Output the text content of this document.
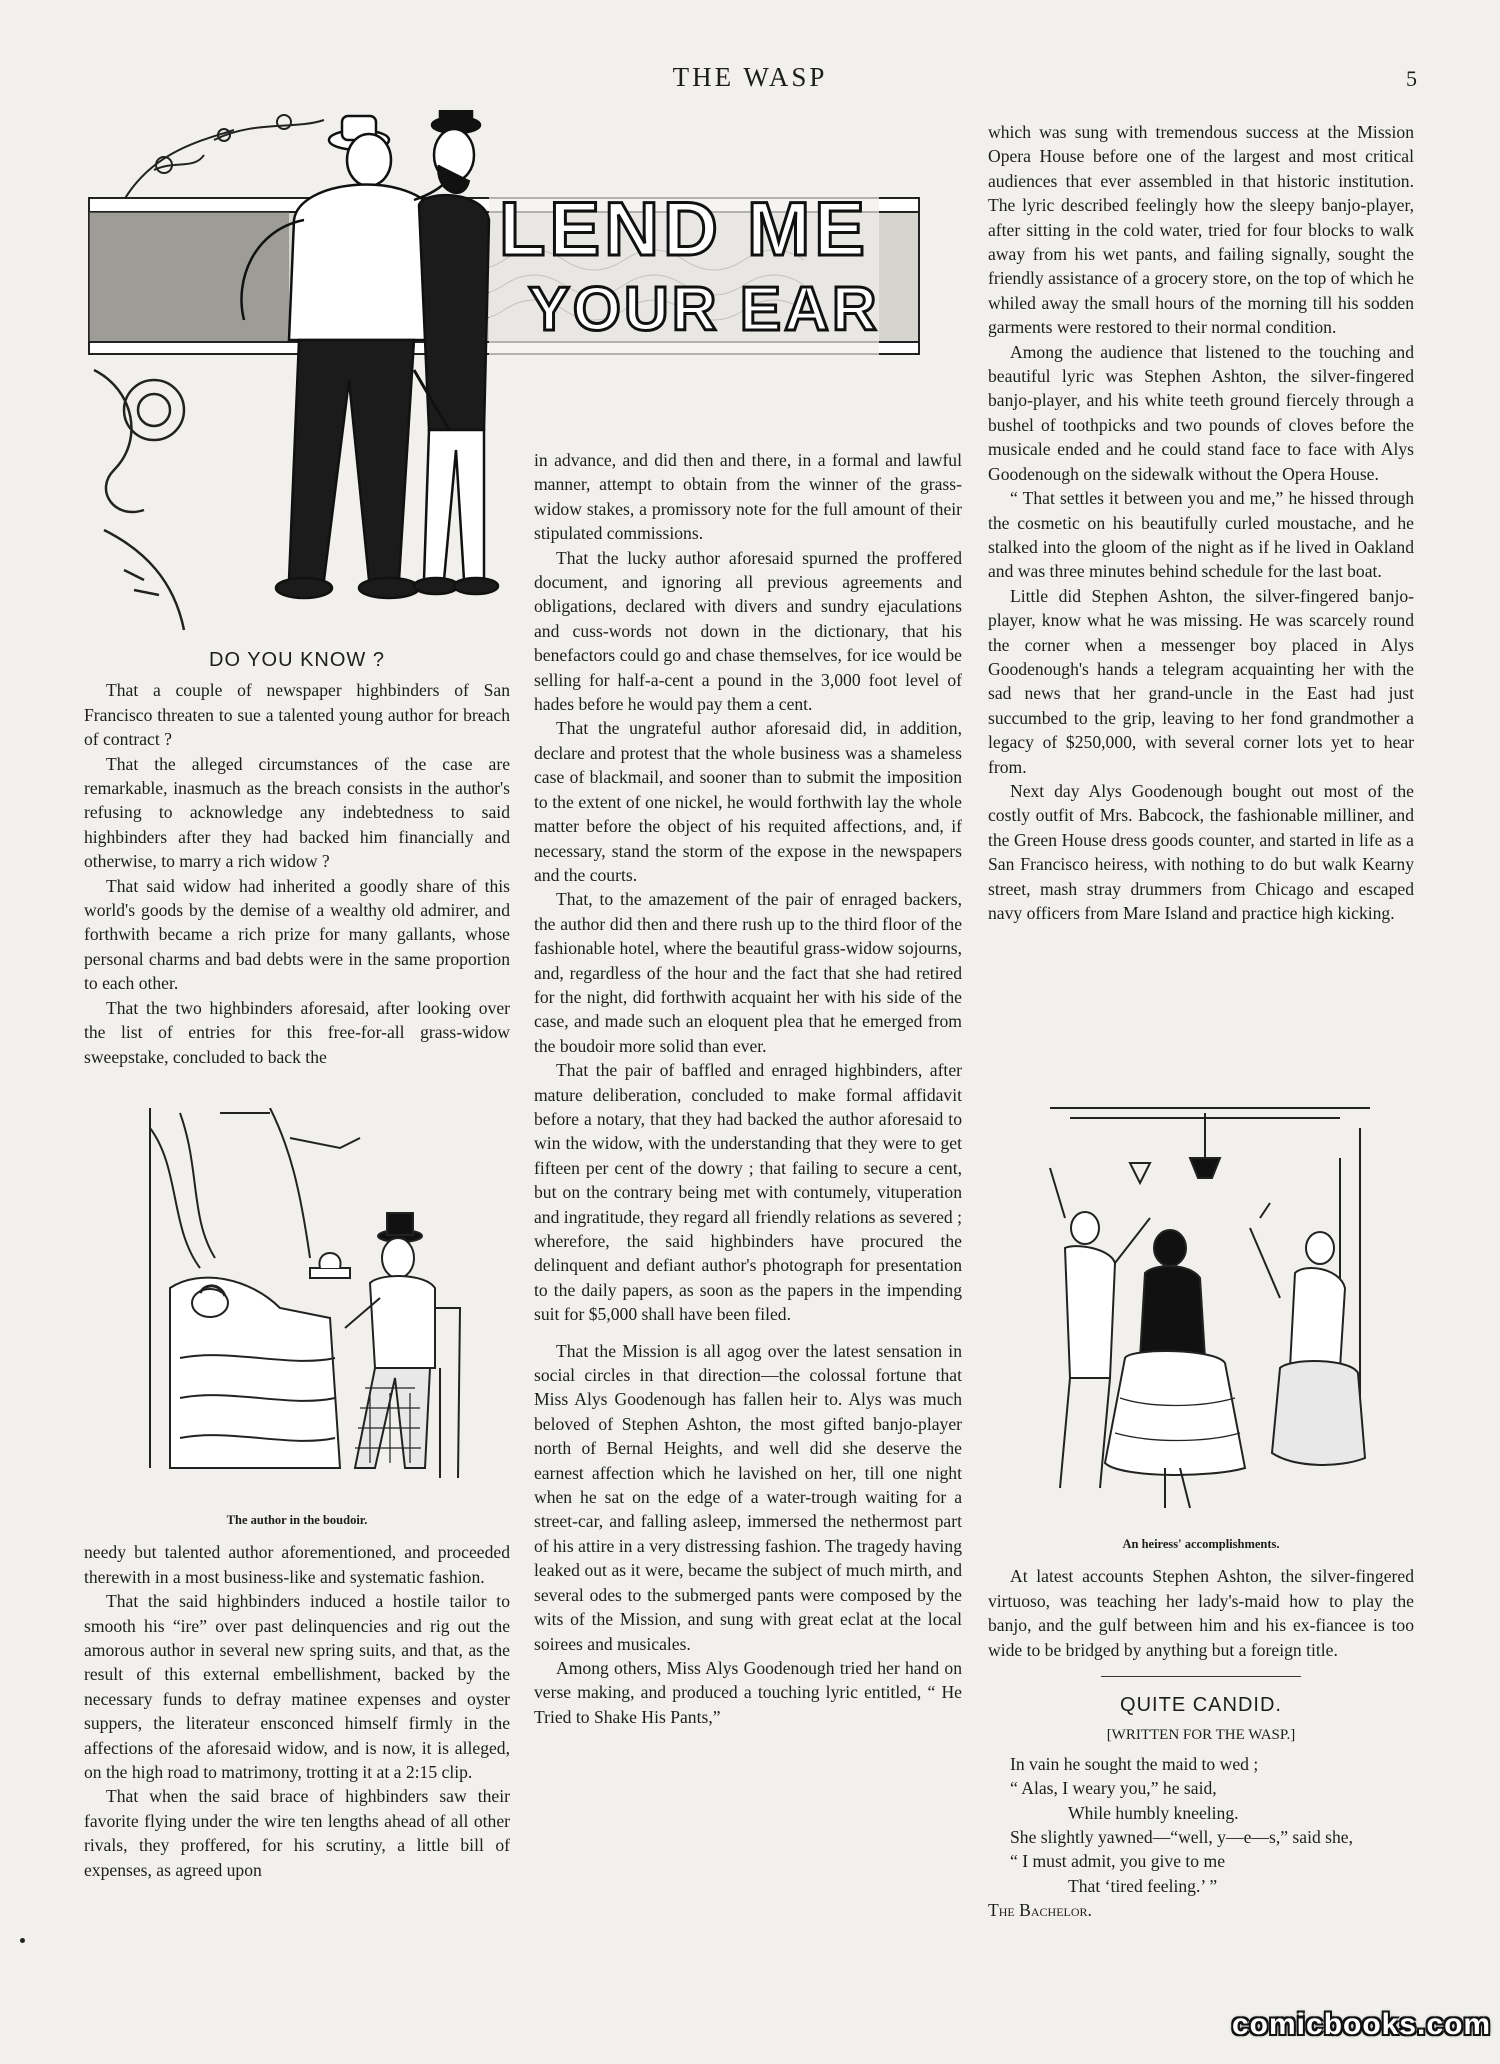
THE WASP	5
LEND ME
YOUR EAR
DO YOU KNOW ?

That a couple of newspaper highbinders of San Francisco threaten to sue a talented young author for breach of contract ?

That the alleged circumstances of the case are remarkable, inasmuch as the breach consists in the author's refusing to acknowledge any indebtedness to said highbinders after they had backed him financially and otherwise, to marry a rich widow ?

That said widow had inherited a goodly share of this world's goods by the demise of a wealthy old admirer, and forthwith became a rich prize for many gallants, whose personal charms and bad debts were in the same proportion to each other.

That the two highbinders aforesaid, after looking over the list of entries for this free-for-all grass-widow sweepstake, concluded to back the

The author in the boudoir.

needy but talented author aforementioned, and proceeded therewith in a most business-like and systematic fashion.

That the said highbinders induced a hostile tailor to smooth his “ire” over past delinquencies and rig out the amorous author in several new spring suits, and that, as the result of this external embellishment, backed by the necessary funds to defray matinee expenses and oyster suppers, the literateur ensconced himself firmly in the affections of the aforesaid widow, and is now, it is alleged, on the high road to matrimony, trotting it at a 2:15 clip.

That when the said brace of highbinders saw their favorite flying under the wire ten lengths ahead of all other rivals, they proffered, for his scrutiny, a little bill of expenses, as agreed upon

in advance, and did then and there, in a formal and lawful manner, attempt to obtain from the winner of the grass-widow stakes, a promissory note for the full amount of their stipulated commissions.

That the lucky author aforesaid spurned the proffered document, and ignoring all previous agreements and obligations, declared with divers and sundry ejaculations and cuss-words not down in the dictionary, that his benefactors could go and chase themselves, for ice would be selling for half-a-cent a pound in the 3,000 foot level of hades before he would pay them a cent.

That the ungrateful author aforesaid did, in addition, declare and protest that the whole business was a shameless case of blackmail, and sooner than to submit the imposition to the extent of one nickel, he would forthwith lay the whole matter before the object of his requited affections, and, if necessary, stand the storm of the expose in the newspapers and the courts.

That, to the amazement of the pair of enraged backers, the author did then and there rush up to the third floor of the fashionable hotel, where the beautiful grass-widow sojourns, and, regardless of the hour and the fact that she had retired for the night, did forthwith acquaint her with his side of the case, and made such an eloquent plea that he emerged from the boudoir more solid than ever.

That the pair of baffled and enraged highbinders, after mature deliberation, concluded to make formal affidavit before a notary, that they had backed the author aforesaid to win the widow, with the understanding that they were to get fifteen per cent of the dowry ; that failing to secure a cent, but on the contrary being met with contumely, vituperation and ingratitude, they regard all friendly relations as severed ; wherefore, the said highbinders have procured the delinquent and defiant author's photograph for presentation to the daily papers, as soon as the papers in the impending suit for $5,000 shall have been filed.

That the Mission is all agog over the latest sensation in social circles in that direction—the colossal fortune that Miss Alys Goodenough has fallen heir to. Alys was much beloved of Stephen Ashton, the most gifted banjo-player north of Bernal Heights, and well did she deserve the earnest affection which he lavished on her, till one night when he sat on the edge of a water-trough waiting for a street-car, and falling asleep, immersed the nethermost part of his attire in a very distressing fashion. The tragedy having leaked out as it were, became the subject of much mirth, and several odes to the submerged pants were composed by the wits of the Mission, and sung with great eclat at the local soirees and musicales.

Among others, Miss Alys Goodenough tried her hand on verse making, and produced a touching lyric entitled, “ He Tried to Shake His Pants,”

which was sung with tremendous success at the Mission Opera House before one of the largest and most critical audiences that ever assembled in that historic institution. The lyric described feelingly how the sleepy banjo-player, after sitting in the cold water, tried for four blocks to walk away from his wet pants, and failing signally, sought the friendly assistance of a grocery store, on the top of which he whiled away the small hours of the morning till his sodden garments were restored to their normal condition.

Among the audience that listened to the touching and beautiful lyric was Stephen Ashton, the silver-fingered banjo-player, and his white teeth ground fiercely through a bushel of toothpicks and two pounds of cloves before the musicale ended and he could stand face to face with Alys Goodenough on the sidewalk without the Opera House.

“ That settles it between you and me,” he hissed through the cosmetic on his beautifully curled moustache, and he stalked into the gloom of the night as if he lived in Oakland and was three minutes behind schedule for the last boat.

Little did Stephen Ashton, the silver-fingered banjo-player, know what he was missing. He was scarcely round the corner when a messenger boy placed in Alys Goodenough's hands a telegram acquainting her with the sad news that her grand-uncle in the East had just succumbed to the grip, leaving to her fond grandmother a legacy of $250,000, with several corner lots yet to hear from.

Next day Alys Goodenough bought out most of the costly outfit of Mrs. Babcock, the fashionable milliner, and the Green House dress goods counter, and started in life as a San Francisco heiress, with nothing to do but walk Kearny street, mash stray drummers from Chicago and escaped navy officers from Mare Island and practice high kicking.

An heiress' accomplishments.

At latest accounts Stephen Ashton, the silver-fingered virtuoso, was teaching her lady's-maid how to play the banjo, and the gulf between him and his ex-fiancee is too wide to be bridged by anything but a foreign title.

QUITE CANDID.

[WRITTEN FOR THE WASP.]

In vain he sought the maid to wed ;

“ Alas, I weary you,” he said,

While humbly kneeling.

She slightly yawned—“well, y—e—s,” said she,

“ I must admit, you give to me

That ‘tired feeling.’ ”

The Bachelor.

comicbooks.com
